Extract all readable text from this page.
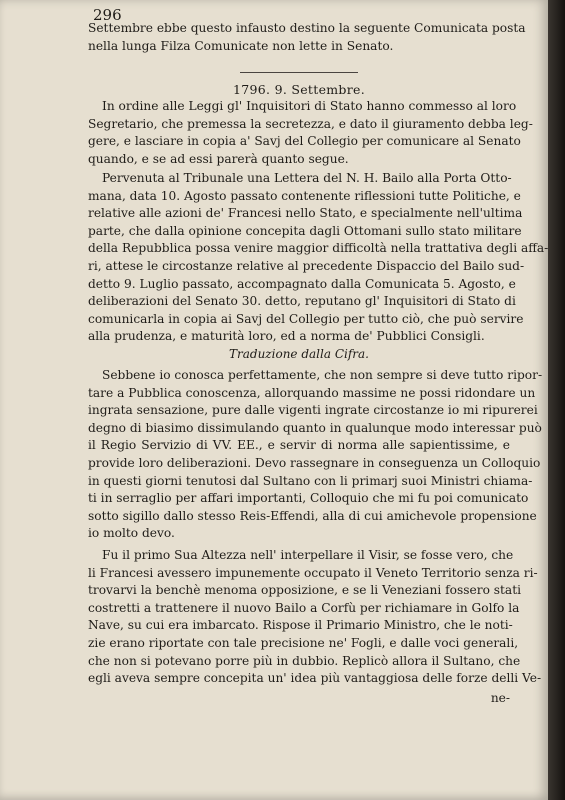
296
Settembre ebbe questo infausto destino la seguente Comunicata posta
nella lunga Filza Comunicate non lette in Senato.
1796. 9. Settembre.
In ordine alle Leggi gl' Inquisitori di Stato hanno commesso al loro
Segretario, che premessa la secretezza, e dato il giuramento debba leg-
gere, e lasciare in copia a' Savj del Collegio per comunicare al Senato
quando, e se ad essi parerà quanto segue.
Pervenuta al Tribunale una Lettera del N. H. Bailo alla Porta Otto-
mana, data 10. Agosto passato contenente riflessioni tutte Politiche, e
relative alle azioni de' Francesi nello Stato, e specialmente nell'ultima
parte, che dalla opinione concepita dagli Ottomani sullo stato militare
della Repubblica possa venire maggior difficoltà nella trattativa degli affa-
ri, attese le circostanze relative al precedente Dispaccio del Bailo sud-
detto 9. Luglio passato, accompagnato dalla Comunicata 5. Agosto, e
deliberazioni del Senato 30. detto, reputano gl' Inquisitori di Stato di
comunicarla in copia ai Savj del Collegio per tutto ciò, che può servire
alla prudenza, e maturità loro, ed a norma de' Pubblici Consigli.
Traduzione dalla Cifra.
Sebbene io conosca perfettamente, che non sempre si deve tutto ripor-
tare a Pubblica conoscenza, allorquando massime ne possi ridondare un
ingrata sensazione, pure dalle vigenti ingrate circostanze io mi ripurerei
degno di biasimo dissimulando quanto in qualunque modo interessar può
il Regio Servizio di VV. EE., e servir di norma alle sapientissime, e
provide loro deliberazioni. Devo rassegnare in conseguenza un Colloquio
in questi giorni tenutosi dal Sultano con li primarj suoi Ministri chiama-
ti in serraglio per affari importanti, Colloquio che mi fu poi comunicato
sotto sigillo dallo stesso Reis-Effendi, alla di cui amichevole propensione
io molto devo.
Fu il primo Sua Altezza nell' interpellare il Visir, se fosse vero, che
li Francesi avessero impunemente occupato il Veneto Territorio senza ri-
trovarvi la benchè menoma opposizione, e se li Veneziani fossero stati
costretti a trattenere il nuovo Bailo a Corfù per richiamare in Golfo la
Nave, su cui era imbarcato. Rispose il Primario Ministro, che le noti-
zie erano riportate con tale precisione ne' Fogli, e dalle voci generali,
che non si potevano porre più in dubbio. Replicò allora il Sultano, che
egli aveva sempre concepita un' idea più vantaggiosa delle forze delli Ve-
ne-
